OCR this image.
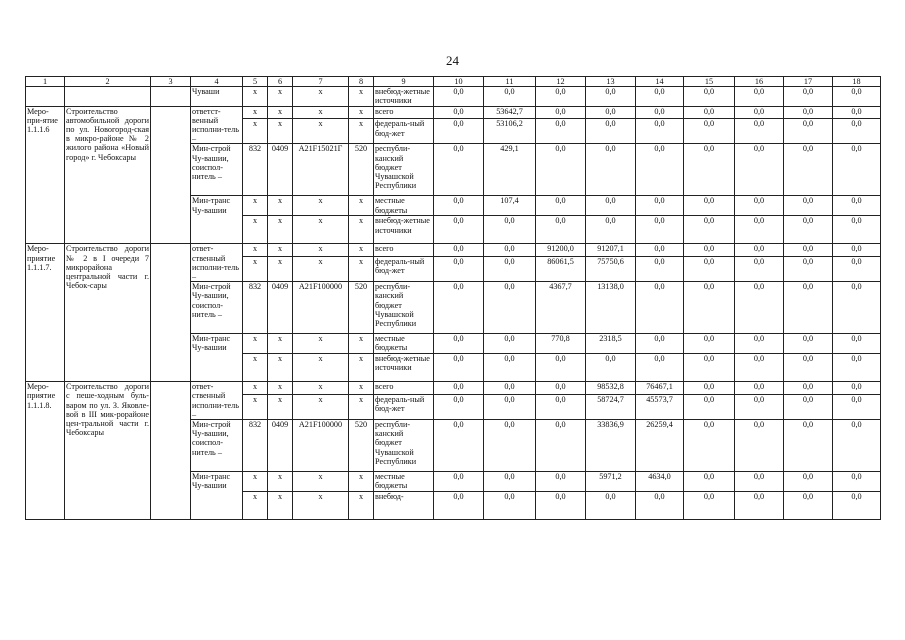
24
1	2	3	4	5	6	7	8	9	10	11	12	13	14	15	16	17	18
			Чуваши	х	х	х	х	внебюд-жетные источники	0,0	0,0	0,0	0,0	0,0	0,0	0,0	0,0	0,0
Меро-при-ятие 1.1.1.6	Строительство автомобильной дороги по ул. Новогород-ская в микро-районе № 2 жилого района «Новый город» г. Чебоксары		ответст-венный исполни-тель –	х	х	х	х	всего	0,0	53642,7	0,0	0,0	0,0	0,0	0,0	0,0	0,0
				х	х	х	х	федераль-ный бюд-жет	0,0	53106,2	0,0	0,0	0,0	0,0	0,0	0,0	0,0
			Мин-строй Чу-вашии, соиспол-нитель –	832	0409	А21F15021Г	520	республи-канский бюджет Чувашской Республики	0,0	429,1	0,0	0,0	0,0	0,0	0,0	0,0	0,0
			Мин-транс Чу-вашии	х	х	х	х	местные бюджеты	0,0	107,4	0,0	0,0	0,0	0,0	0,0	0,0	0,0
				х	х	х	х	внебюд-жетные источники	0,0	0,0	0,0	0,0	0,0	0,0	0,0	0,0	0,0
Меро-приятие 1.1.1.7.	Строительство дороги № 2 в I очереди 7 микрорайона центральной части г. Чебок-сары		ответ-ственный исполни-тель –	х	х	х	х	всего	0,0	0,0	91200,0	91207,1	0,0	0,0	0,0	0,0	0,0
				х	х	х	х	федераль-ный бюд-жет	0,0	0,0	86061,5	75750,6	0,0	0,0	0,0	0,0	0,0
			Мин-строй Чу-вашии, соиспол-нитель –	832	0409	А21F100000	520	республи-канский бюджет Чувашской Республики	0,0	0,0	4367,7	13138,0	0,0	0,0	0,0	0,0	0,0
			Мин-транс Чу-вашии	х	х	х	х	местные бюджеты	0,0	0,0	770,8	2318,5	0,0	0,0	0,0	0,0	0,0
				х	х	х	х	внебюд-жетные источники	0,0	0,0	0,0	0,0	0,0	0,0	0,0	0,0	0,0
Меро-приятие 1.1.1.8.	Строительство дороги с пеше-ходным буль-варом по ул. З. Яковле-вой в III мик-рорайоне цен-тральной части г. Чебоксары		ответ-ственный исполни-тель –	х	х	х	х	всего	0,0	0,0	0,0	98532,8	76467,1	0,0	0,0	0,0	0,0
				х	х	х	х	федераль-ный бюд-жет	0,0	0,0	0,0	58724,7	45573,7	0,0	0,0	0,0	0,0
			Мин-строй Чу-вашии, соиспол-нитель –	832	0409	А21F100000	520	республи-канский бюджет Чувашской Республики	0,0	0,0	0,0	33836,9	26259,4	0,0	0,0	0,0	0,0
			Мин-транс Чу-вашии	х	х	х	х	местные бюджеты	0,0	0,0	0,0	5971,2	4634,0	0,0	0,0	0,0	0,0
				х	х	х	х	внебюд-	0,0	0,0	0,0	0,0	0,0	0,0	0,0	0,0	0,0
